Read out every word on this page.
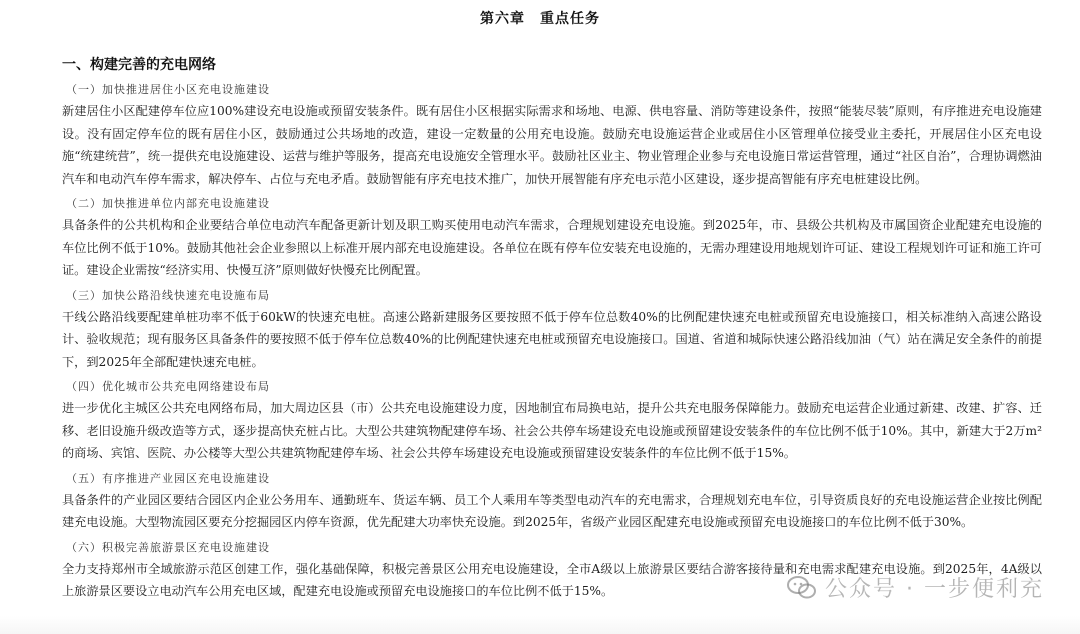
第六章　重点任务
一、构建完善的充电网络
（一）加快推进居住小区充电设施建设

新建居住小区配建停车位应100%建设充电设施或预留安装条件。既有居住小区根据实际需求和场地、电源、供电容量、消防等建设条件，按照“能装尽装”原则，有序推进充电设施建设。没有固定停车位的既有居住小区，鼓励通过公共场地的改造，建设一定数量的公用充电设施。鼓励充电设施运营企业或居住小区管理单位接受业主委托，开展居住小区充电设施“统建统营”，统一提供充电设施建设、运营与维护等服务，提高充电设施安全管理水平。鼓励社区业主、物业管理企业参与充电设施日常运营管理，通过“社区自治”，合理协调燃油汽车和电动汽车停车需求，解决停车、占位与充电矛盾。鼓励智能有序充电技术推广，加快开展智能有序充电示范小区建设，逐步提高智能有序充电桩建设比例。

（二）加快推进单位内部充电设施建设

具备条件的公共机构和企业要结合单位电动汽车配备更新计划及职工购买使用电动汽车需求，合理规划建设充电设施。到2025年，市、县级公共机构及市属国资企业配建充电设施的车位比例不低于10%。鼓励其他社会企业参照以上标准开展内部充电设施建设。各单位在既有停车位安装充电设施的，无需办理建设用地规划许可证、建设工程规划许可证和施工许可证。建设企业需按“经济实用、快慢互济”原则做好快慢充比例配置。

（三）加快公路沿线快速充电设施布局

干线公路沿线要配建单桩功率不低于60kW的快速充电桩。高速公路新建服务区要按照不低于停车位总数40%的比例配建快速充电桩或预留充电设施接口，相关标准纳入高速公路设计、验收规范；现有服务区具备条件的要按照不低于停车位总数40%的比例配建快速充电桩或预留充电设施接口。国道、省道和城际快速公路沿线加油（气）站在满足安全条件的前提下，到2025年全部配建快速充电桩。

（四）优化城市公共充电网络建设布局

进一步优化主城区公共充电网络布局，加大周边区县（市）公共充电设施建设力度，因地制宜布局换电站，提升公共充电服务保障能力。鼓励充电运营企业通过新建、改建、扩容、迁移、老旧设施升级改造等方式，逐步提高快充桩占比。大型公共建筑物配建停车场、社会公共停车场建设充电设施或预留建设安装条件的车位比例不低于10%。其中，新建大于2万m²的商场、宾馆、医院、办公楼等大型公共建筑物配建停车场、社会公共停车场建设充电设施或预留建设安装条件的车位比例不低于15%。

（五）有序推进产业园区充电设施建设

具备条件的产业园区要结合园区内企业公务用车、通勤班车、货运车辆、员工个人乘用车等类型电动汽车的充电需求，合理规划充电车位，引导资质良好的充电设施运营企业按比例配建充电设施。大型物流园区要充分挖掘园区内停车资源，优先配建大功率快充设施。到2025年，省级产业园区配建充电设施或预留充电设施接口的车位比例不低于30%。

（六）积极完善旅游景区充电设施建设

全力支持郑州市全域旅游示范区创建工作，强化基础保障，积极完善景区公用充电设施建设，全市A级以上旅游景区要结合游客接待量和充电需求配建充电设施。到2025年，4A级以上旅游景区要设立电动汽车公用充电区域，配建充电设施或预留充电设施接口的车位比例不低于15%。	公众号 · 一步便利充
